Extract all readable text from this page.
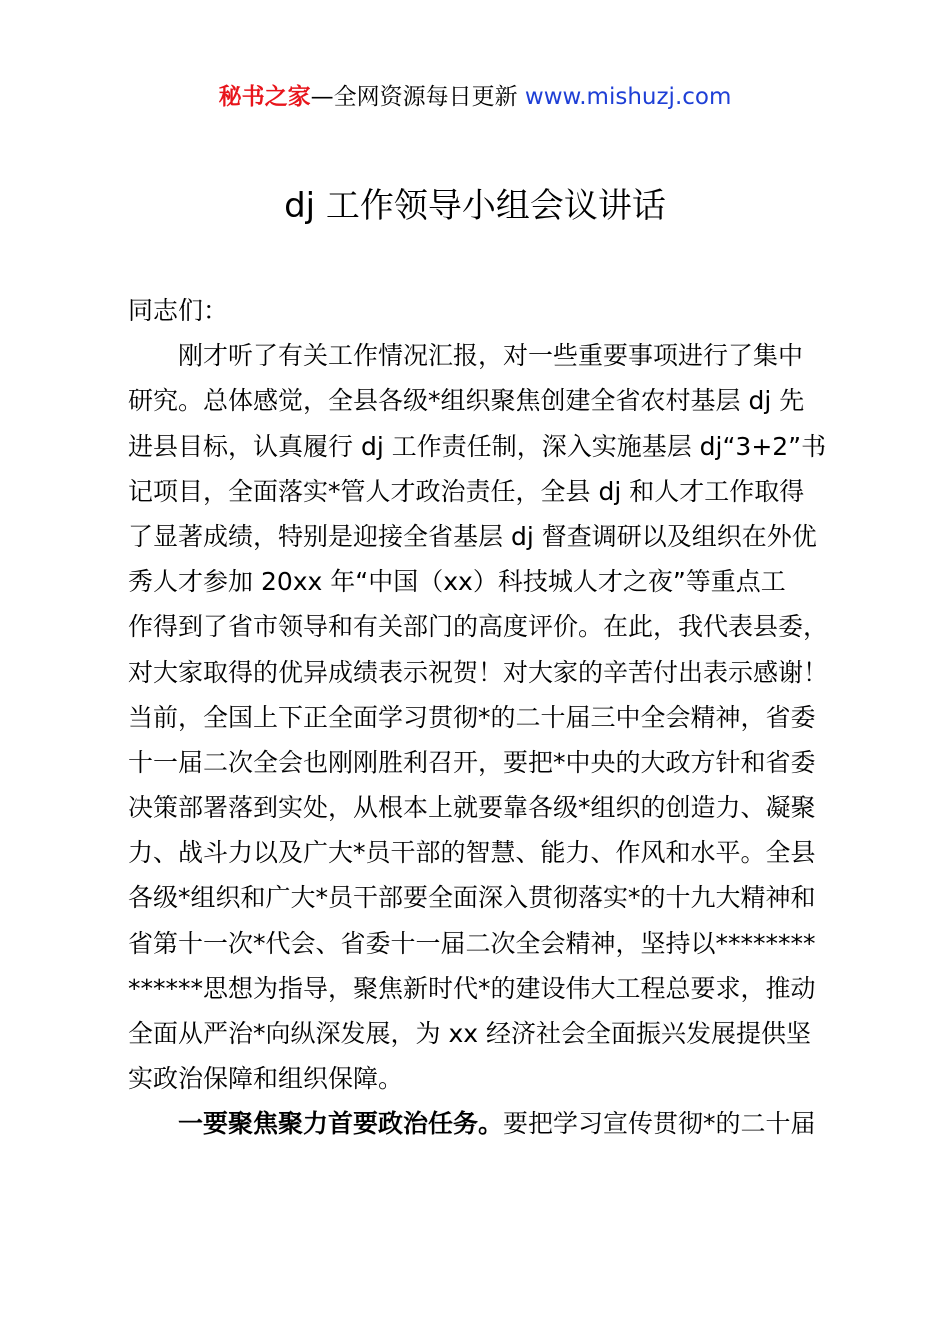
秘书之家—全网资源每日更新 www.mishuzj.com
dj 工作领导小组会议讲话
同志们：
刚才听了有关工作情况汇报，对一些重要事项进行了集中
研究。总体感觉，全县各级*组织聚焦创建全省农村基层 dj 先
进县目标，认真履行 dj 工作责任制，深入实施基层 dj“3+2”书
记项目，全面落实*管人才政治责任，全县 dj 和人才工作取得
了显著成绩，特别是迎接全省基层 dj 督查调研以及组织在外优
秀人才参加 20xx 年“中国（xx）科技城人才之夜”等重点工
作得到了省市领导和有关部门的高度评价。在此，我代表县委，
对大家取得的优异成绩表示祝贺！对大家的辛苦付出表示感谢！
当前，全国上下正全面学习贯彻*的二十届三中全会精神，省委
十一届二次全会也刚刚胜利召开，要把*中央的大政方针和省委
决策部署落到实处，从根本上就要靠各级*组织的创造力、凝聚
力、战斗力以及广大*员干部的智慧、能力、作风和水平。全县
各级*组织和广大*员干部要全面深入贯彻落实*的十九大精神和
省第十一次*代会、省委十一届二次全会精神，坚持以********
******思想为指导，聚焦新时代*的建设伟大工程总要求，推动
全面从严治*向纵深发展，为 xx 经济社会全面振兴发展提供坚
实政治保障和组织保障。
一要聚焦聚力首要政治任务。要把学习宣传贯彻*的二十届
